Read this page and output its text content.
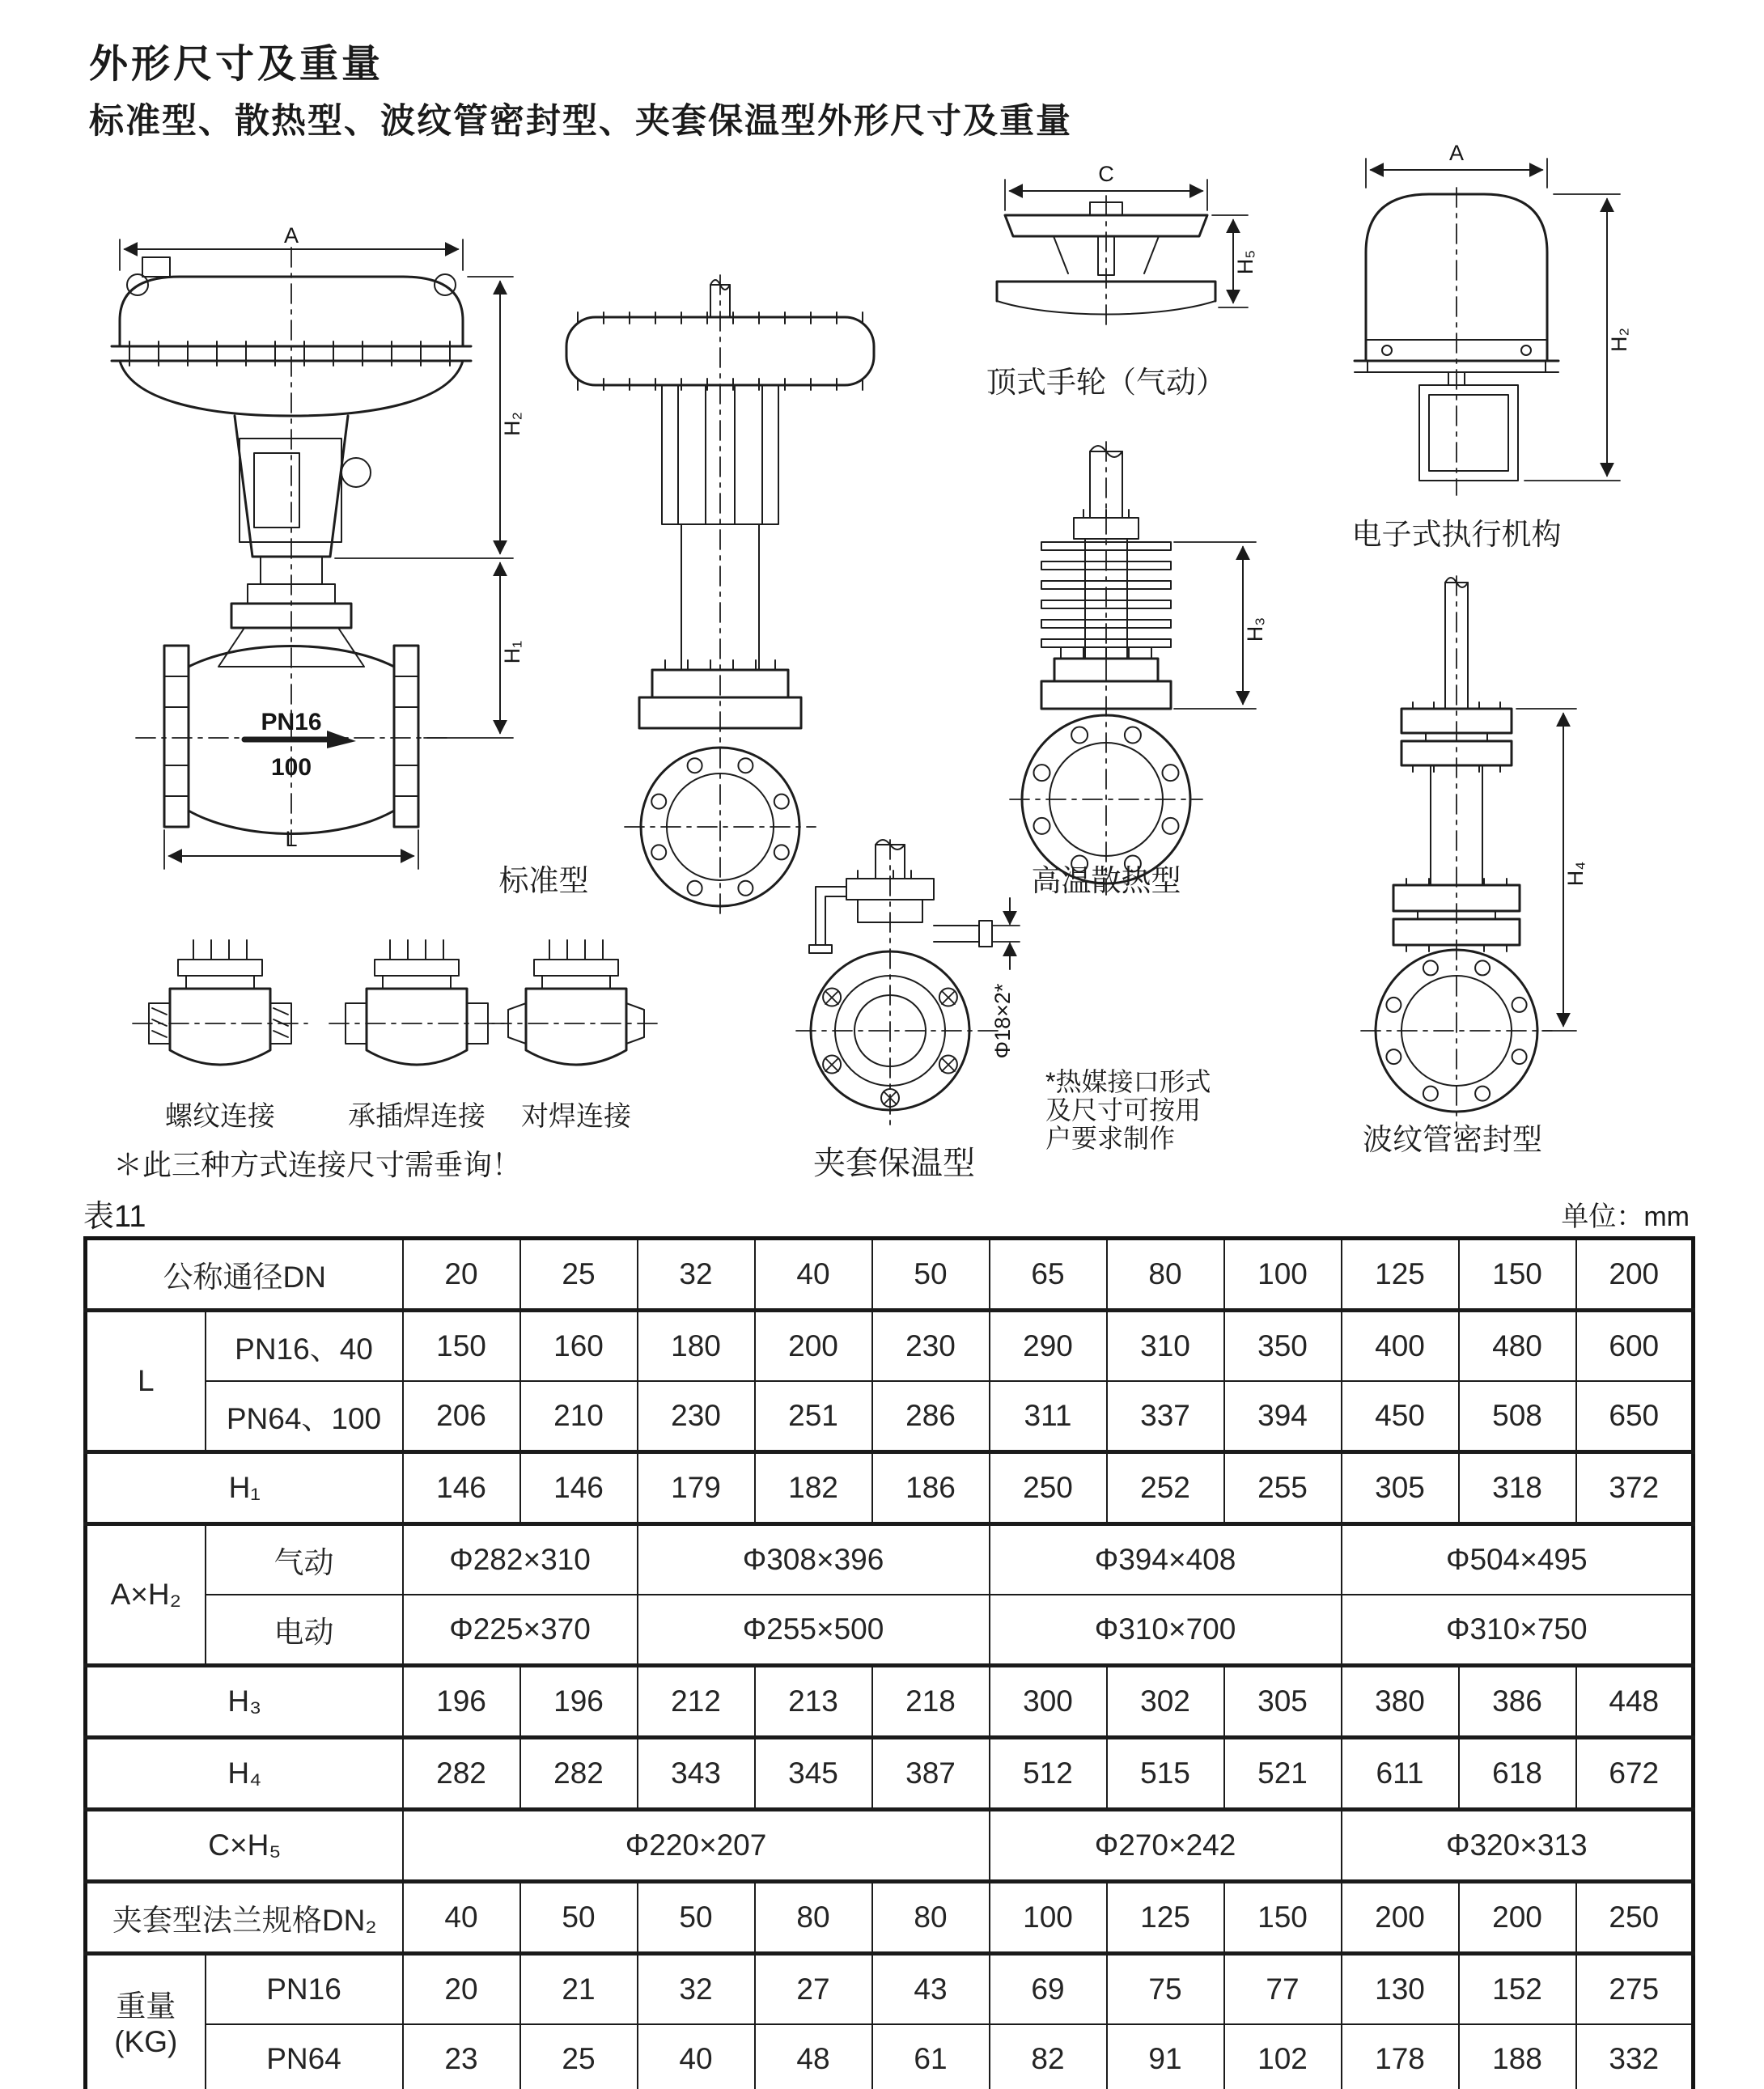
外形尺寸及重量
标准型、散热型、波纹管密封型、夹套保温型外形尺寸及重量
A
H₂
H₁
L
PN16
100
C
H₅
H₃
A
H₂
H₄
Φ18×2*
标准型
顶式手轮（气动）
高温散热型
电子式执行机构
波纹管密封型
夹套保温型
螺纹连接	承插焊连接 对焊连接
＊此三种方式连接尺寸需垂询！
*热媒接口形式
及尺寸可按用
户要求制作
表11	单位：mm
公称通径DN		20	25	32	40	50	65	80	100	125	150	200
L	PN16、40	150	160	180	200	230	290	310	350	400	480	600
	PN64、100	206	210	230	251	286	311	337	394	450	508	650
H₁		146	146	179	182	186	250	252	255	305	318	372
A×H₂	气动	Φ282×310		Φ308×396			Φ394×408			Φ504×495		
	电动	Φ225×370		Φ255×500			Φ310×700			Φ310×750		
H₃		196	196	212	213	218	300	302	305	380	386	448
H₄		282	282	343	345	387	512	515	521	611	618	672
C×H₅		Φ220×207					Φ270×242			Φ320×313		
夹套型法兰规格DN₂		40	50	50	80	80	100	125	150	200	200	250

重量
(KG)	PN16	20	21	32	27	43	69	75	77	130	152	275
	PN64	23	25	40	48	61	82	91	102	178	188	332
